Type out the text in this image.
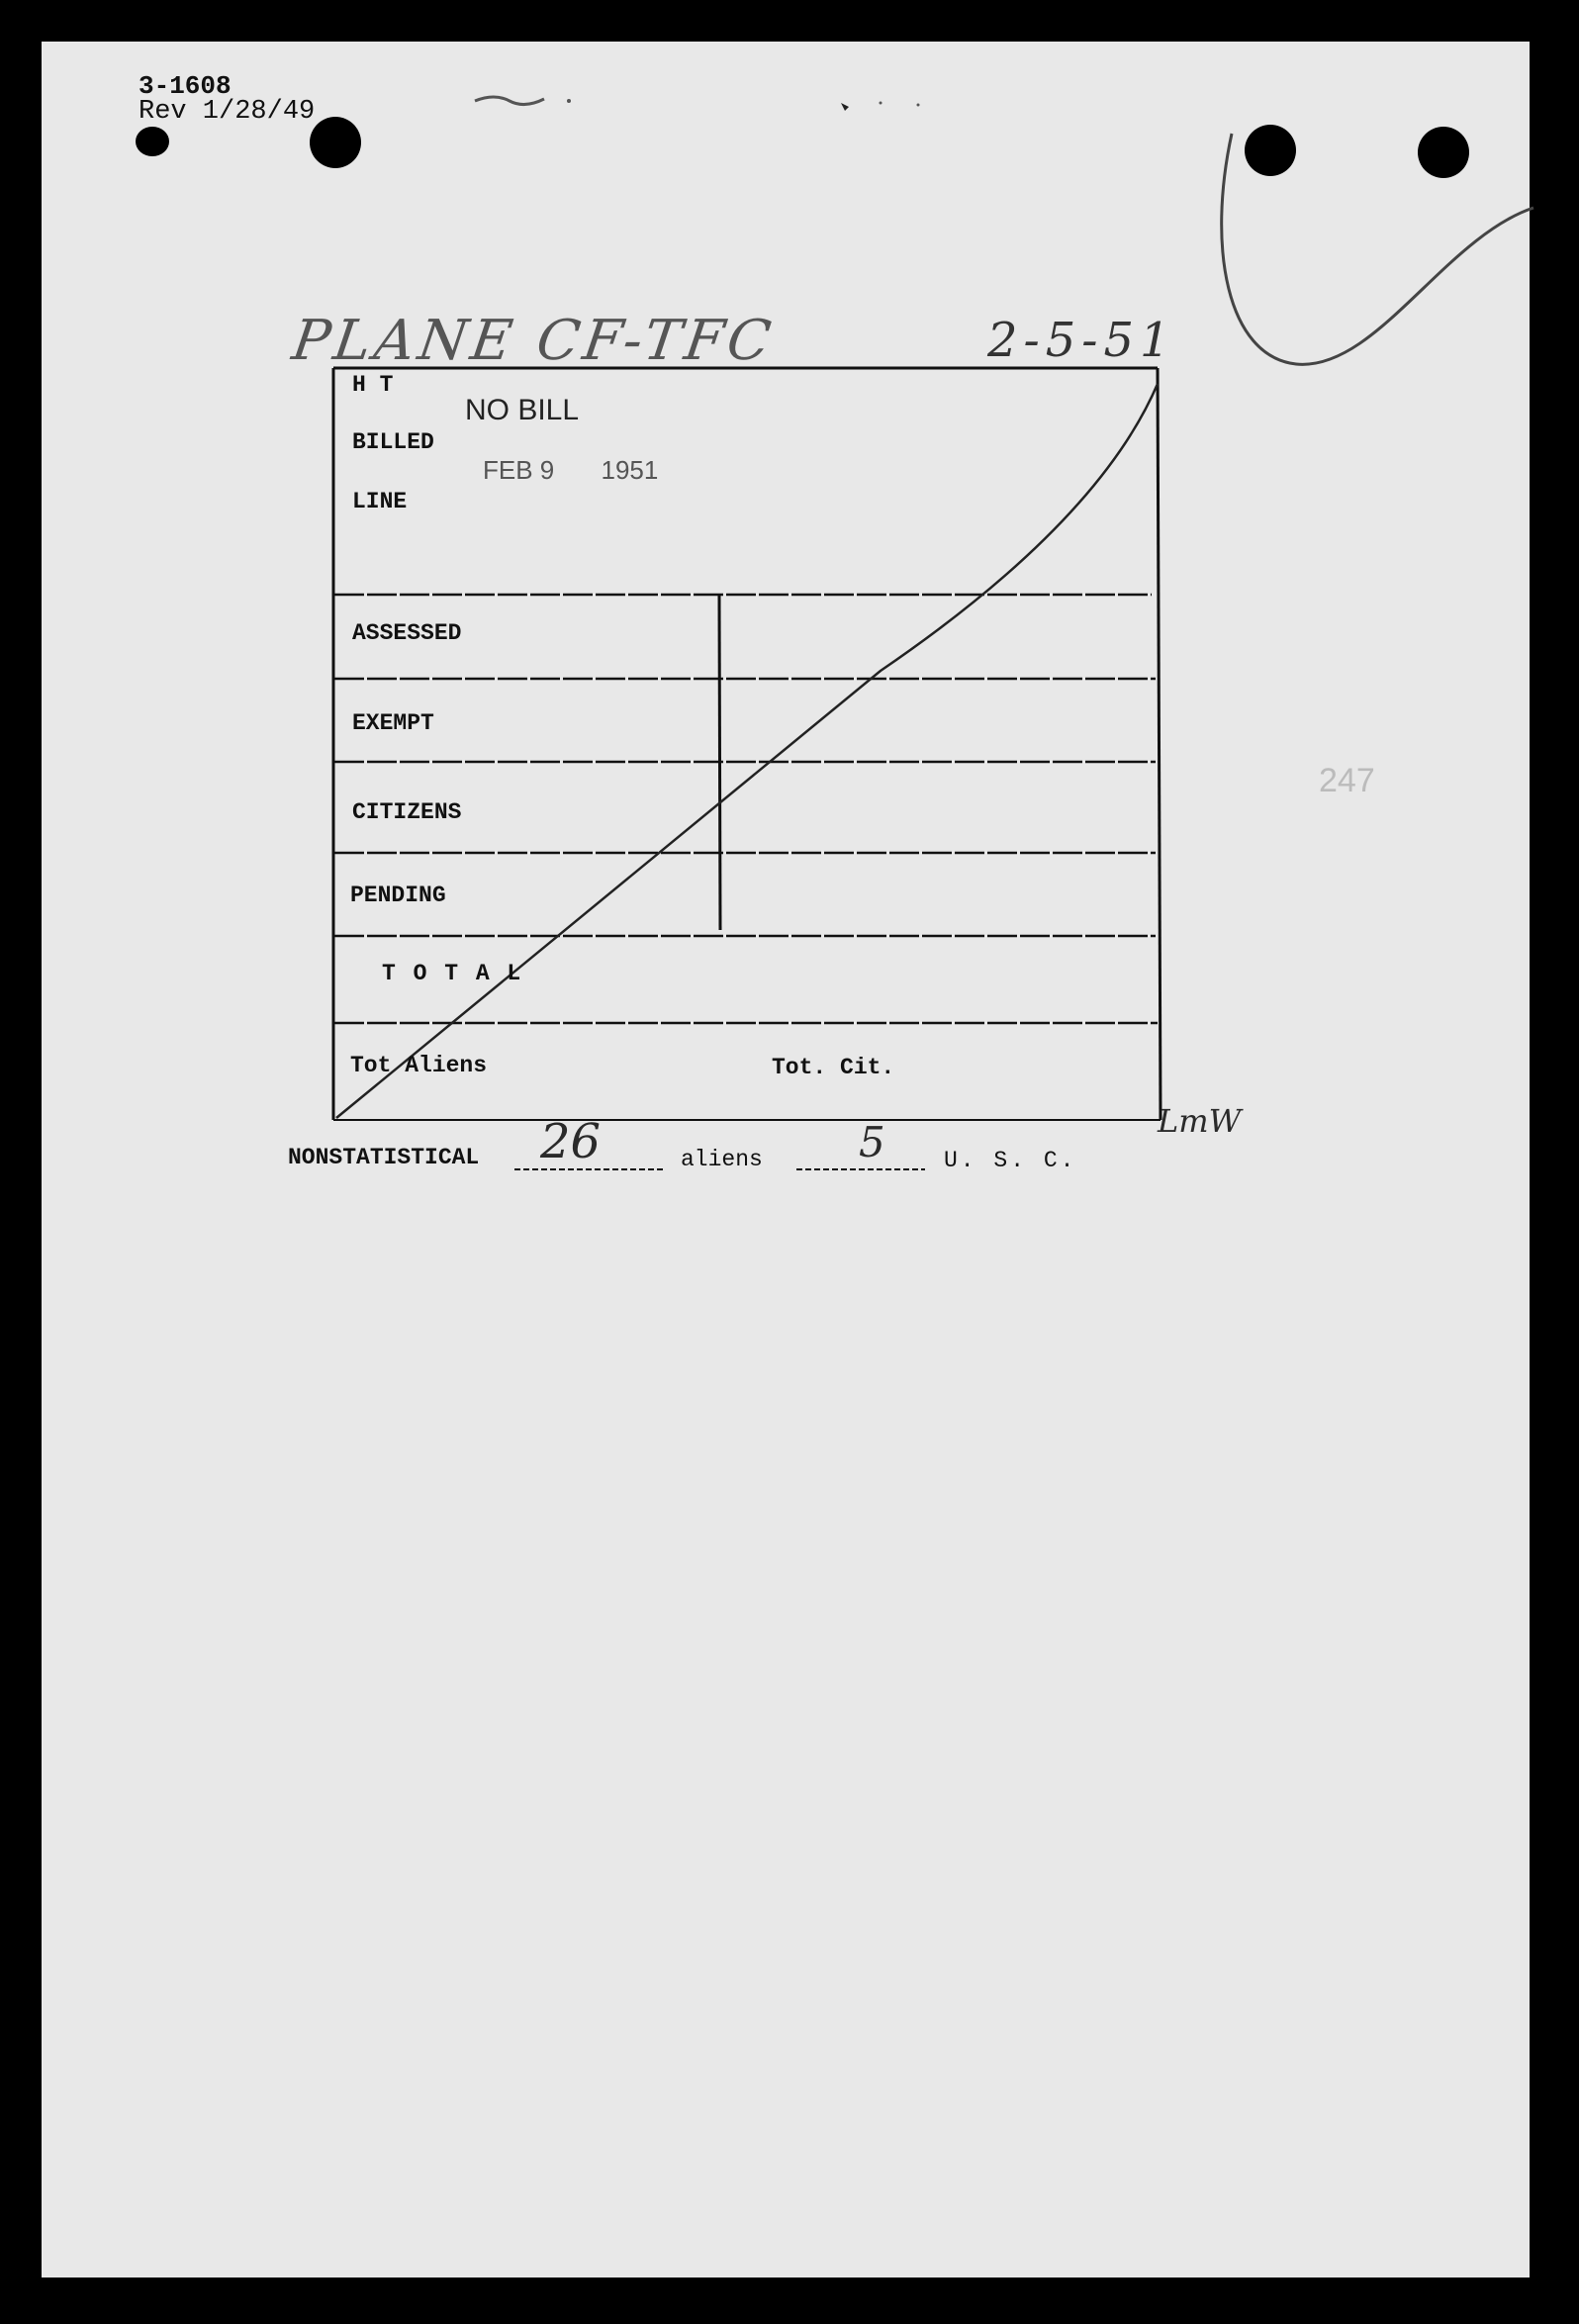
3-1608
Rev 1/28/49
PLANE CF-TFC	2-5-51
247
H T
BILLED
LINE
NO BILL
FEB 9 1951
ASSESSED
EXEMPT
CITIZENS
PENDING
T O T A L
Tot Aliens	Tot. Cit.
LmW
NONSTATISTICAL 26	aliens 5	U. S. C.
